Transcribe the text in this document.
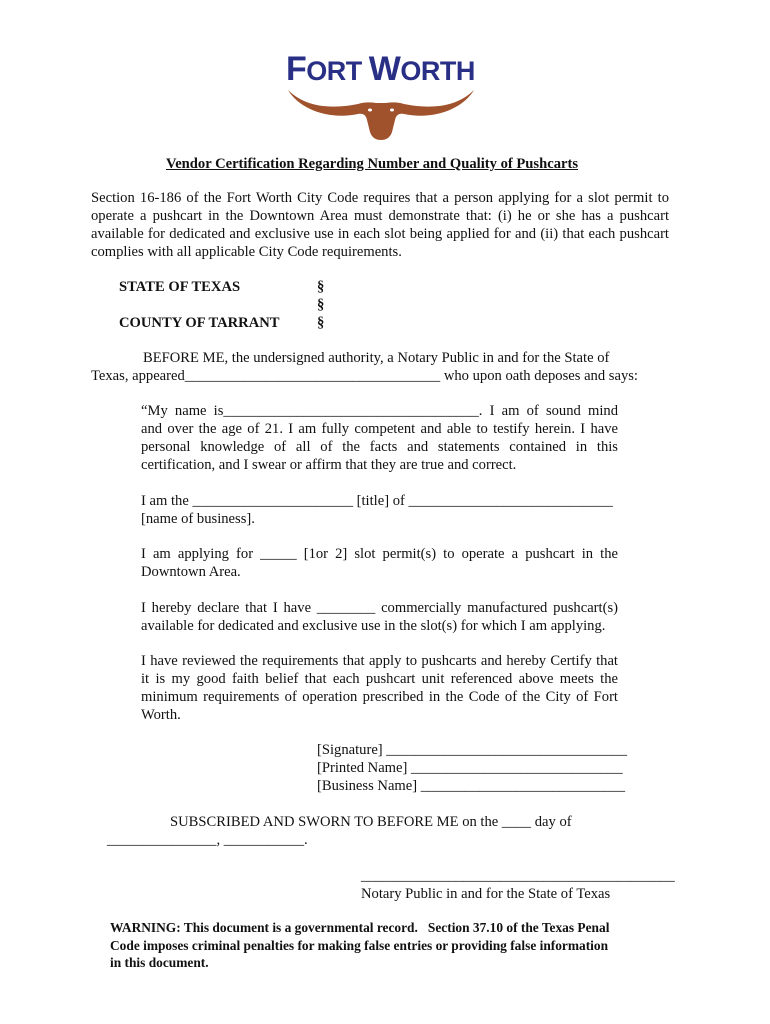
FORT WORTH
Vendor Certification Regarding Number and Quality of Pushcarts
Section 16-186 of the Fort Worth City Code requires that a person applying for a slot permit to
operate a pushcart in the Downtown Area must demonstrate that: (i) he or she has a pushcart
available for dedicated and exclusive use in each slot being applied for and (ii) that each pushcart
complies with all applicable City Code requirements.
STATE OF TEXAS
COUNTY OF TARRANT
§
§
§
BEFORE ME, the undersigned authority, a Notary Public in and for the State of
Texas, appeared___________________________________ who upon oath deposes and says:
“My name is___________________________________. I am of sound mind
and over the age of 21. I am fully competent and able to testify herein. I have
personal knowledge of all of the facts and statements contained in this
certification, and I swear or affirm that they are true and correct.
I am the ______________________ [title] of ____________________________
[name of business].
I am applying for _____ [1or 2] slot permit(s) to operate a pushcart in the
Downtown Area.
I hereby declare that I have ________ commercially manufactured pushcart(s)
available for dedicated and exclusive use in the slot(s) for which I am applying.
I have reviewed the requirements that apply to pushcarts and hereby Certify that
it is my good faith belief that each pushcart unit referenced above meets the
minimum requirements of operation prescribed in the Code of the City of Fort
Worth.
[Signature] _________________________________
[Printed Name] _____________________________
[Business Name] ____________________________
SUBSCRIBED AND SWORN TO BEFORE ME on the ____ day of
_______________, ___________.
___________________________________________
Notary Public in and for the State of Texas
WARNING: This document is a governmental record.   Section 37.10 of the Texas Penal
Code imposes criminal penalties for making false entries or providing false information
in this document.
